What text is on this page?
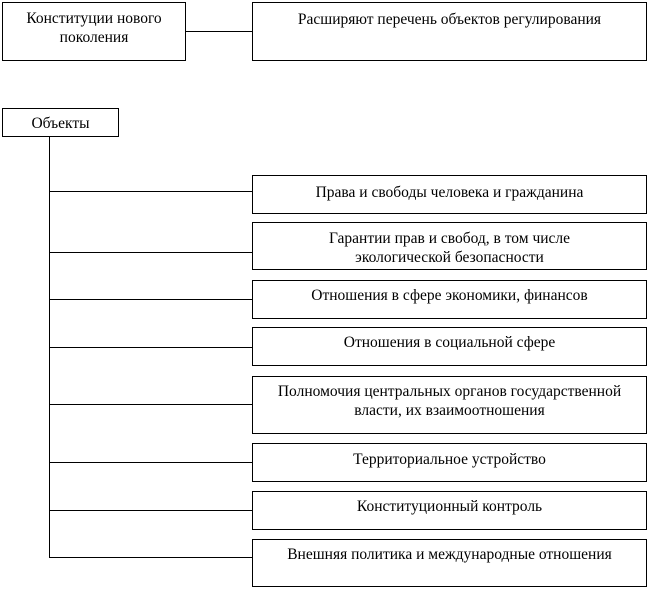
Конституции нового поколения
Расширяют перечень объектов регулирования
Объекты
Права и свободы человека и гражданина
Гарантии прав и свобод, в том числе экологической безопасности
Отношения в сфере экономики, финансов
Отношения в социальной сфере
Полномочия центральных органов государственной власти, их взаимоотношения
Территориальное устройство
Конституционный контроль
Внешняя политика и международные отношения
